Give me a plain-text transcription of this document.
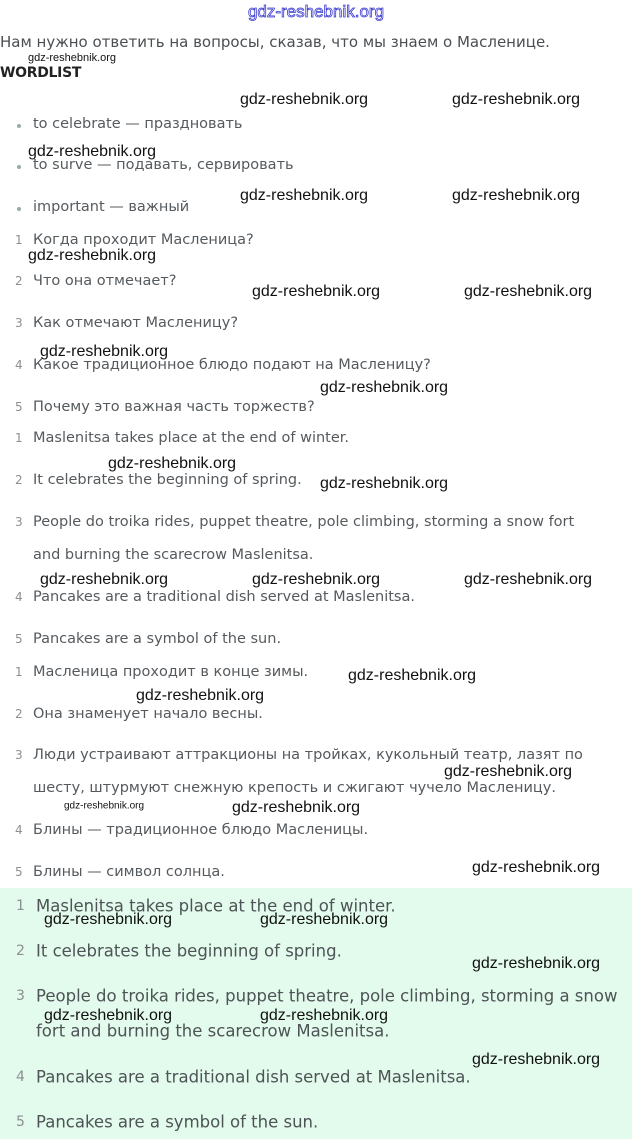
gdz-reshebnik.org
Нам нужно ответить на вопросы, сказав, что мы знаем о Масленице.
WORDLIST
to celebrate — праздновать
to surve — подавать, сервировать
important — важный
1 Когда проходит Масленица?
2 Что она отмечает?
3 Как отмечают Масленицу?
4 Какое традиционное блюдо подают на Масленицу?
5 Почему это важная часть торжеств?
1 Maslenitsa takes place at the end of winter.
2 It celebrates the beginning of spring.
3 People do troika rides, puppet theatre, pole climbing, storming a snow fort
and burning the scarecrow Maslenitsa.
4 Pancakes are a traditional dish served at Maslenitsa.
5 Pancakes are a symbol of the sun.
1 Масленица проходит в конце зимы.
2 Она знаменует начало весны.
3 Люди устраивают аттракционы на тройках, кукольный театр, лазят по
шесту, штурмуют снежную крепость и сжигают чучело Масленицу.
4 Блины — традиционное блюдо Масленицы.
5 Блины — символ солнца.
1 Maslenitsa takes place at the end of winter.
2 It celebrates the beginning of spring.
3 People do troika rides, puppet theatre, pole climbing, storming a snow
fort and burning the scarecrow Maslenitsa.
4 Pancakes are a traditional dish served at Maslenitsa.
5 Pancakes are a symbol of the sun.
gdz-reshebnik.org	gdz-reshebnik.org
gdz-reshebnik.org
gdz-reshebnik.org	gdz-reshebnik.org
gdz-reshebnik.org
gdz-reshebnik.org	gdz-reshebnik.org
gdz-reshebnik.org
gdz-reshebnik.org
gdz-reshebnik.org
gdz-reshebnik.org
gdz-reshebnik.org	gdz-reshebnik.org	gdz-reshebnik.org
gdz-reshebnik.org
gdz-reshebnik.org
gdz-reshebnik.org
gdz-reshebnik.org
gdz-reshebnik.org
gdz-reshebnik.org	gdz-reshebnik.org
gdz-reshebnik.org
gdz-reshebnik.org	gdz-reshebnik.org
gdz-reshebnik.org
gdz-reshebnik.org
gdz-reshebnik.org
